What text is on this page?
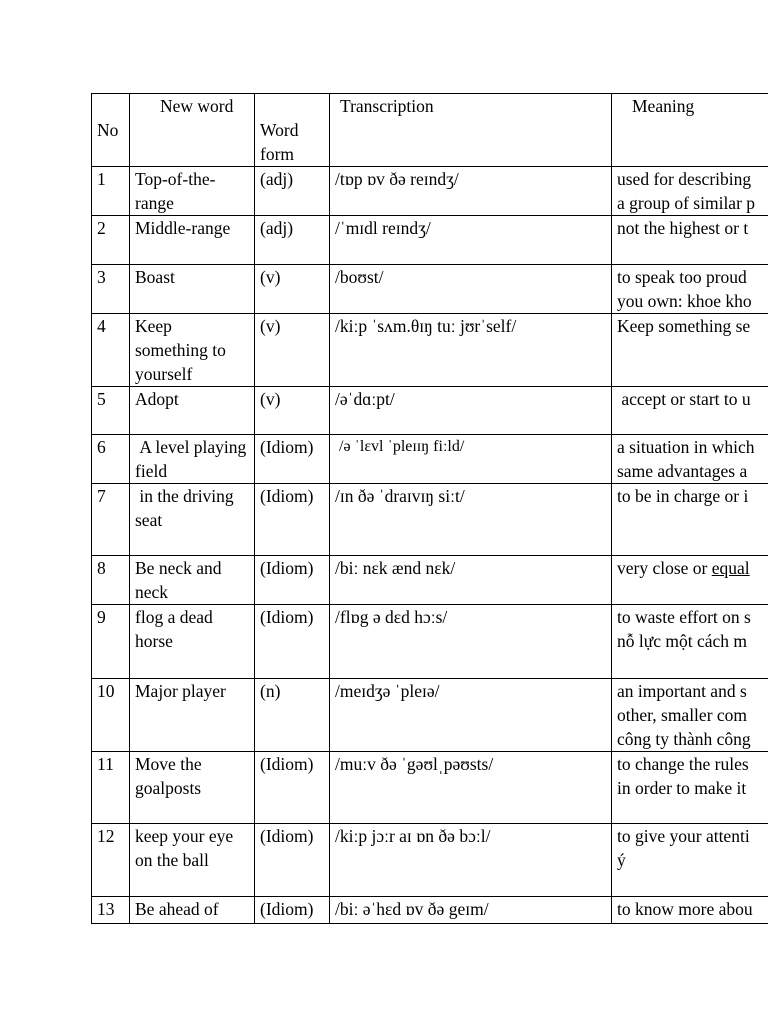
No	New word	Word form	Transcription	Meaning

1	Top-of-the-range	(adj)	/tɒp ɒv ðə reɪndʒ/	used for describing
a group of similar p
2	Middle-range	(adj)	/ˈmɪdl reɪndʒ/	not the highest or t
3	Boast	(v)	/boʊst/	to speak too proud
you own: khoe kho
4	Keep something to yourself	(v)	/kiːp ˈsʌm.θɪŋ tuː jʊrˈself/	Keep something se
5	Adopt	(v)	/əˈdɑːpt/	accept or start to u
6	A level playing field	(Idiom)	/ə ˈlɛvl ˈpleɪɪŋ fiːld/	a situation in which
same advantages a
7	in the driving seat	(Idiom)	/ɪn ðə ˈdraɪvɪŋ siːt/	to be in charge or i
8	Be neck and neck	(Idiom)	/biː nɛk ænd nɛk/	very close or equal
9	flog a dead horse	(Idiom)	/flɒg ə dɛd hɔːs/	to waste effort on s
nỗ lực một cách m
10	Major player	(n)	/meɪdʒə ˈpleɪə/	an important and s
other, smaller com
công ty thành công
11	Move the goalposts	(Idiom)	/muːv ðə ˈgəʊlˌpəʊsts/	to change the rules
in order to make it
12	keep your eye on the ball	(Idiom)	/kiːp jɔːr aɪ ɒn ðə bɔːl/	to give your attenti
ý
13	Be ahead of	(Idiom)	/biː əˈhɛd ɒv ðə geɪm/	to know more abou
